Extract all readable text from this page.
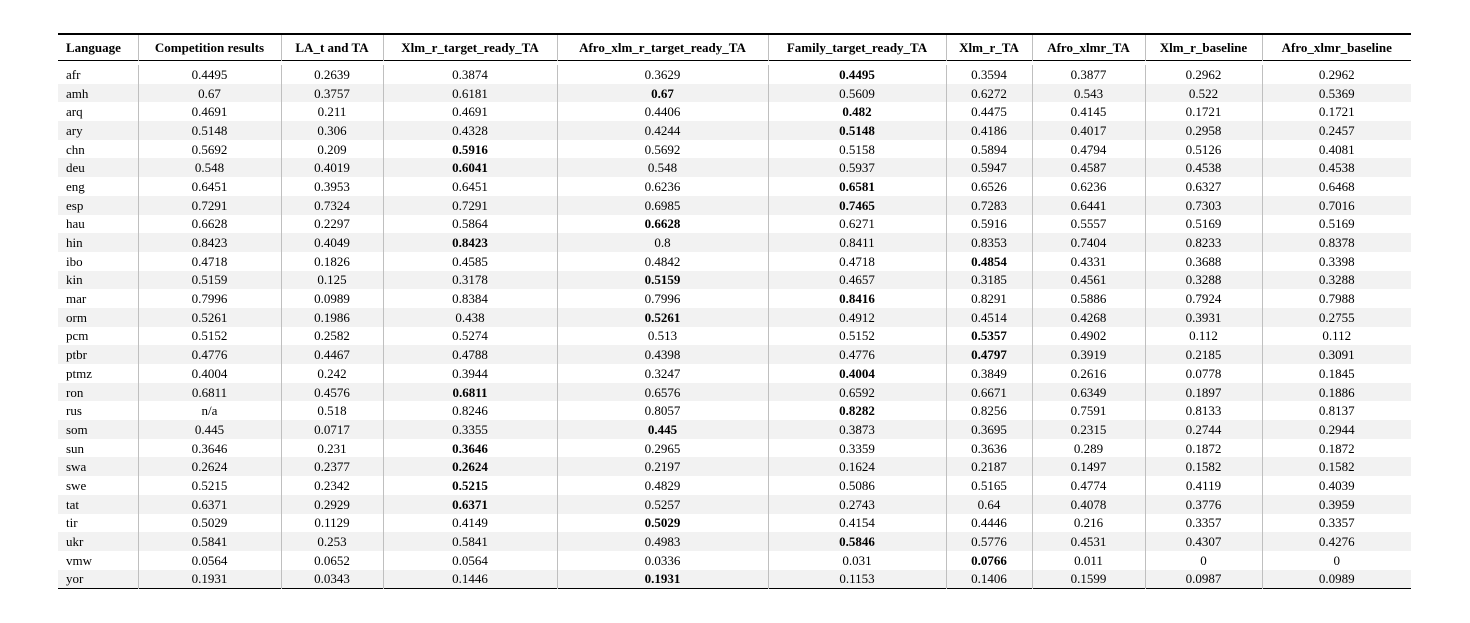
Language	Competition results	LA_t and TA	Xlm_r_target_ready_TA	Afro_xlm_r_target_ready_TA	Family_target_ready_TA	Xlm_r_TA	Afro_xlmr_TA	Xlm_r_baseline	Afro_xlmr_baseline

afr	0.4495	0.2639	0.3874	0.3629	0.4495	0.3594	0.3877	0.2962	0.2962
amh	0.67	0.3757	0.6181	0.67	0.5609	0.6272	0.543	0.522	0.5369
arq	0.4691	0.211	0.4691	0.4406	0.482	0.4475	0.4145	0.1721	0.1721
ary	0.5148	0.306	0.4328	0.4244	0.5148	0.4186	0.4017	0.2958	0.2457
chn	0.5692	0.209	0.5916	0.5692	0.5158	0.5894	0.4794	0.5126	0.4081
deu	0.548	0.4019	0.6041	0.548	0.5937	0.5947	0.4587	0.4538	0.4538
eng	0.6451	0.3953	0.6451	0.6236	0.6581	0.6526	0.6236	0.6327	0.6468
esp	0.7291	0.7324	0.7291	0.6985	0.7465	0.7283	0.6441	0.7303	0.7016
hau	0.6628	0.2297	0.5864	0.6628	0.6271	0.5916	0.5557	0.5169	0.5169
hin	0.8423	0.4049	0.8423	0.8	0.8411	0.8353	0.7404	0.8233	0.8378
ibo	0.4718	0.1826	0.4585	0.4842	0.4718	0.4854	0.4331	0.3688	0.3398
kin	0.5159	0.125	0.3178	0.5159	0.4657	0.3185	0.4561	0.3288	0.3288
mar	0.7996	0.0989	0.8384	0.7996	0.8416	0.8291	0.5886	0.7924	0.7988
orm	0.5261	0.1986	0.438	0.5261	0.4912	0.4514	0.4268	0.3931	0.2755
pcm	0.5152	0.2582	0.5274	0.513	0.5152	0.5357	0.4902	0.112	0.112
ptbr	0.4776	0.4467	0.4788	0.4398	0.4776	0.4797	0.3919	0.2185	0.3091
ptmz	0.4004	0.242	0.3944	0.3247	0.4004	0.3849	0.2616	0.0778	0.1845
ron	0.6811	0.4576	0.6811	0.6576	0.6592	0.6671	0.6349	0.1897	0.1886
rus	n/a	0.518	0.8246	0.8057	0.8282	0.8256	0.7591	0.8133	0.8137
som	0.445	0.0717	0.3355	0.445	0.3873	0.3695	0.2315	0.2744	0.2944
sun	0.3646	0.231	0.3646	0.2965	0.3359	0.3636	0.289	0.1872	0.1872
swa	0.2624	0.2377	0.2624	0.2197	0.1624	0.2187	0.1497	0.1582	0.1582
swe	0.5215	0.2342	0.5215	0.4829	0.5086	0.5165	0.4774	0.4119	0.4039
tat	0.6371	0.2929	0.6371	0.5257	0.2743	0.64	0.4078	0.3776	0.3959
tir	0.5029	0.1129	0.4149	0.5029	0.4154	0.4446	0.216	0.3357	0.3357
ukr	0.5841	0.253	0.5841	0.4983	0.5846	0.5776	0.4531	0.4307	0.4276
vmw	0.0564	0.0652	0.0564	0.0336	0.031	0.0766	0.011	0	0
yor	0.1931	0.0343	0.1446	0.1931	0.1153	0.1406	0.1599	0.0987	0.0989
